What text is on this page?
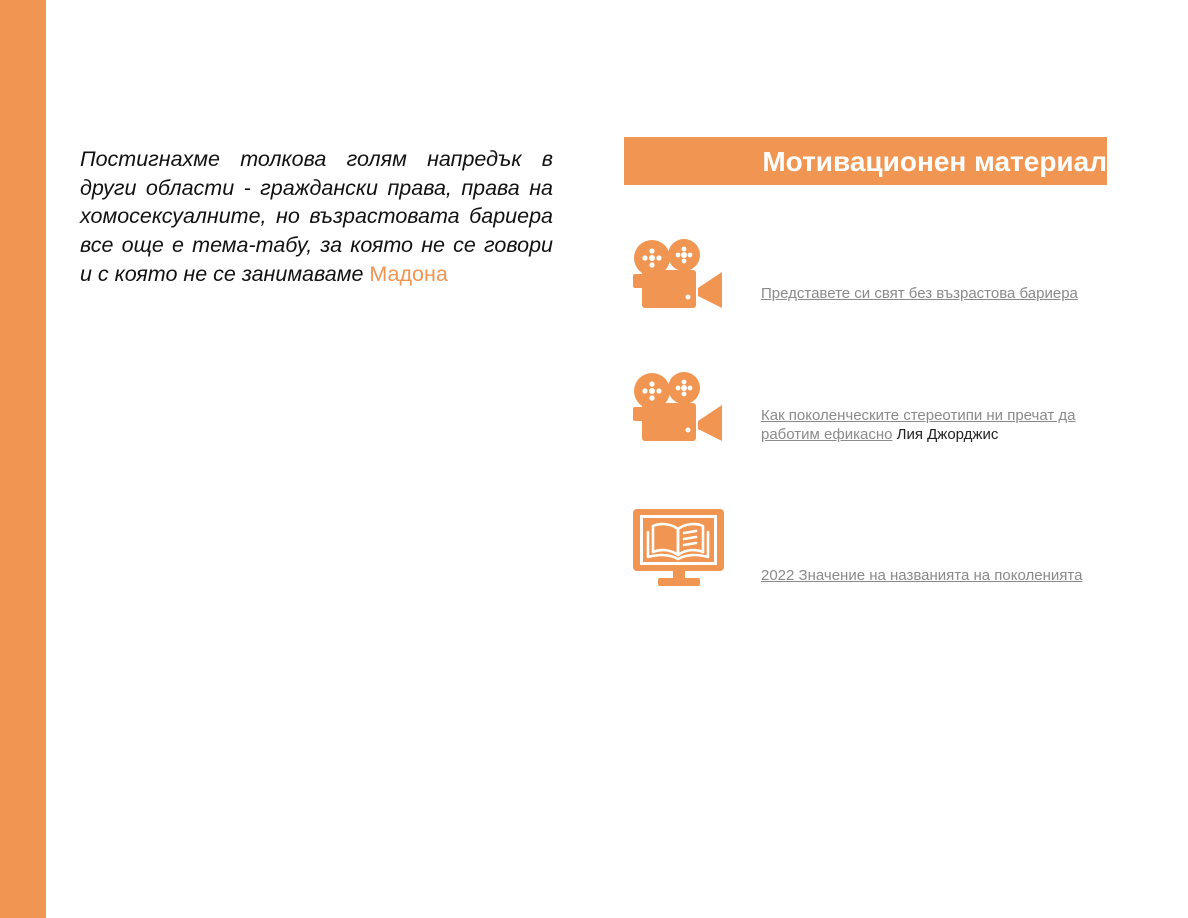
Постигнахме толкова голям напредък в други области - граждански права, права на хомосексуалните, но възрастовата бариера все още е тема-табу, за която не се говори и с която не се занимаваме Мадона

Мотивационен материал
Представете си свят без възрастова бариера
Как поколенческите стереотипи ни пречат да работим ефикасно Лия Джорджис
2022 Значение на названията на поколенията
